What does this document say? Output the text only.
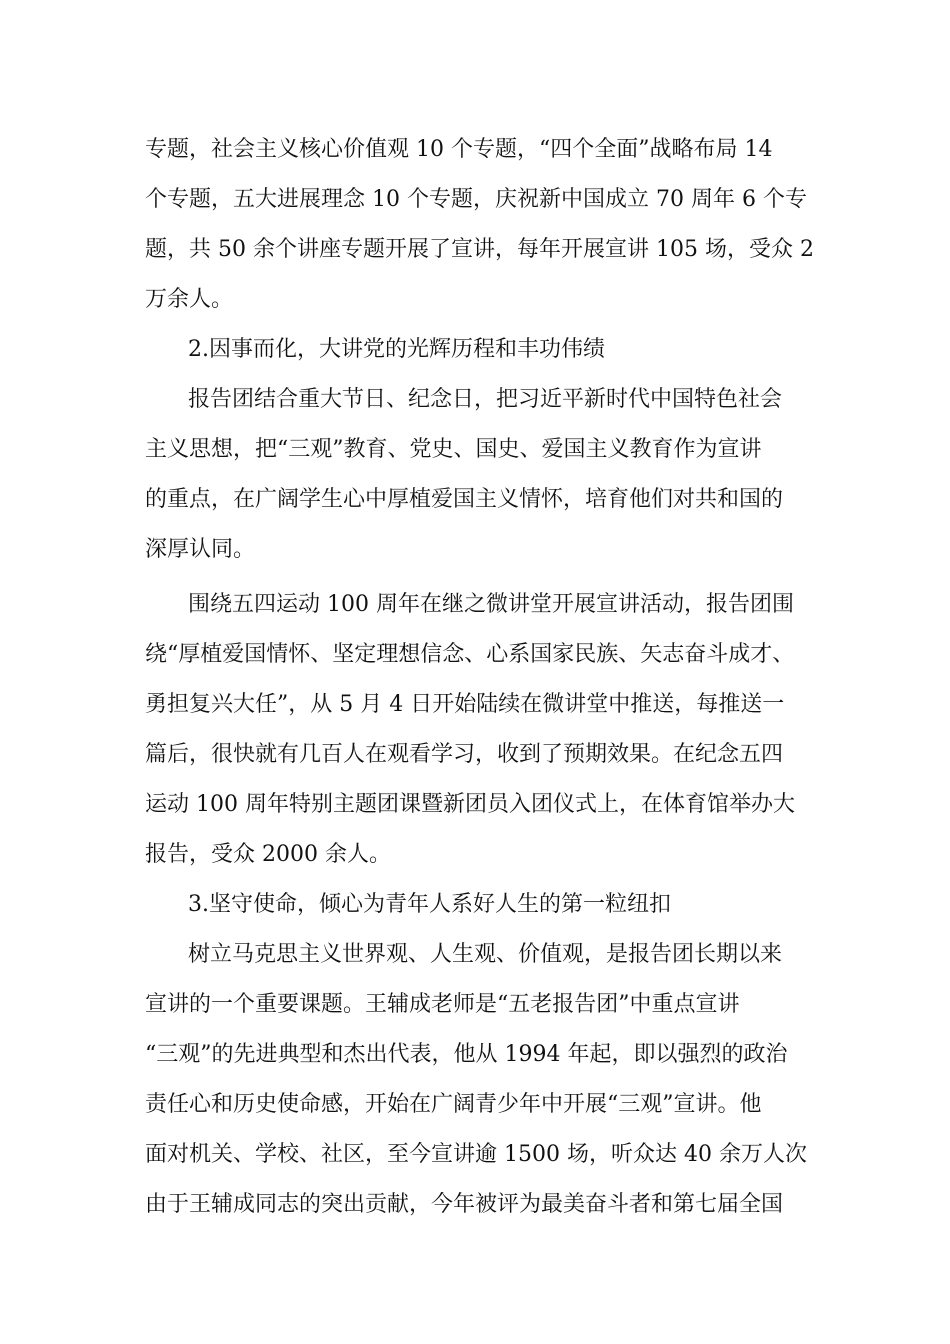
专题，社会主义核心价值观 10 个专题，“四个全面”战略布局 14
个专题，五大进展理念 10 个专题，庆祝新中国成立 70 周年 6 个专
题，共 50 余个讲座专题开展了宣讲，每年开展宣讲 105 场，受众 2
万余人。
2.因事而化，大讲党的光辉历程和丰功伟绩
报告团结合重大节日、纪念日，把习近平新时代中国特色社会
主义思想，把“三观”教育、党史、国史、爱国主义教育作为宣讲
的重点，在广阔学生心中厚植爱国主义情怀，培育他们对共和国的
深厚认同。
围绕五四运动 100 周年在继之微讲堂开展宣讲活动，报告团围
绕“厚植爱国情怀、坚定理想信念、心系国家民族、矢志奋斗成才、
勇担复兴大任”，从 5 月 4 日开始陆续在微讲堂中推送，每推送一
篇后，很快就有几百人在观看学习，收到了预期效果。在纪念五四
运动 100 周年特别主题团课暨新团员入团仪式上，在体育馆举办大
报告，受众 2000 余人。
3.坚守使命，倾心为青年人系好人生的第一粒纽扣
树立马克思主义世界观、人生观、价值观，是报告团长期以来
宣讲的一个重要课题。王辅成老师是“五老报告团”中重点宣讲
“三观”的先进典型和杰出代表，他从 1994 年起，即以强烈的政治
责任心和历史使命感，开始在广阔青少年中开展“三观”宣讲。他
面对机关、学校、社区，至今宣讲逾 1500 场，听众达 40 余万人次
由于王辅成同志的突出贡献，今年被评为最美奋斗者和第七届全国
